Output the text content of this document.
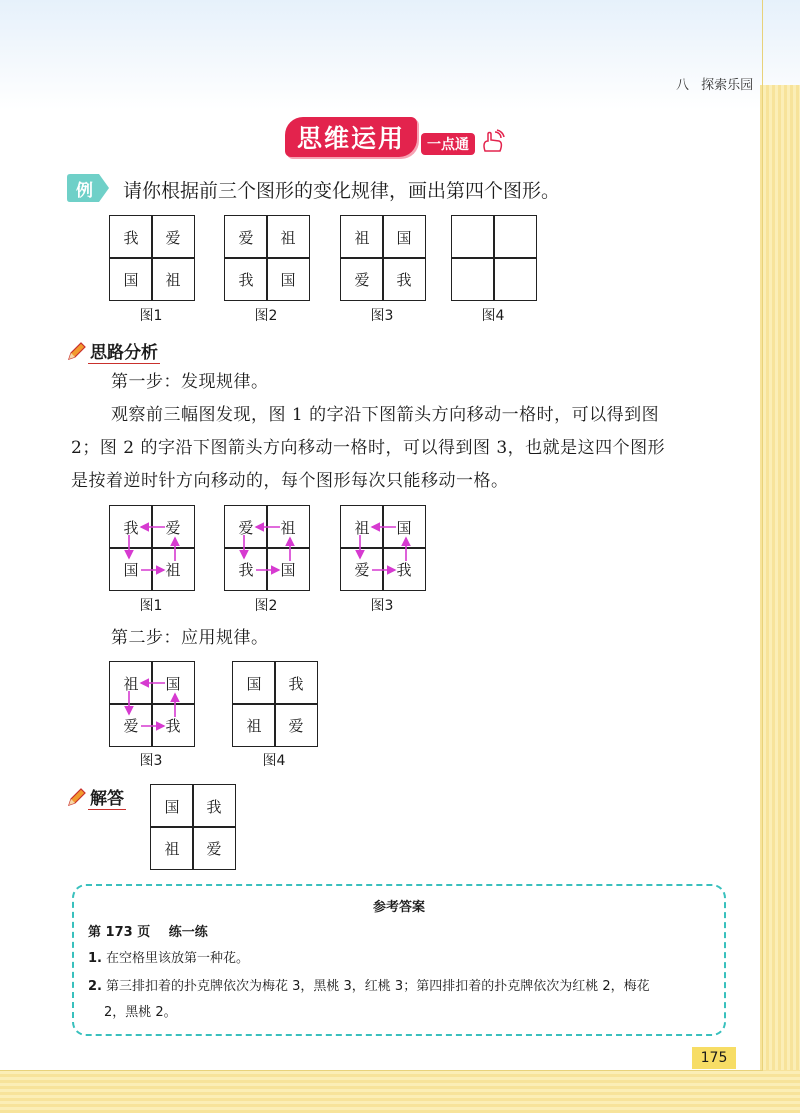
八 探索乐园
思维运用	一点通
例 请你根据前三个图形的变化规律，画出第四个图形。
我	爱
国	祖
图1
爱	祖
我	国
图2
祖	国
爱	我
图3	图4
思路分析
第一步：发现规律。
观察前三幅图发现，图 1 的字沿下图箭头方向移动一格时，可以得到图
2；图 2 的字沿下图箭头方向移动一格时，可以得到图 3，也就是这四个图形
是按着逆时针方向移动的，每个图形每次只能移动一格。
我	爱
国	祖
图1
爱	祖
我	国
图2
祖	国
爱	我
图3
第二步：应用规律。
祖	国
爱	我
图3
国	我
祖	爱
图4
解答	国	我
祖	爱
参考答案
第 173 页 练一练
1. 在空格里该放第一种花。
2. 第三排扣着的扑克牌依次为梅花 3，黑桃 3，红桃 3；第四排扣着的扑克牌依次为红桃 2，梅花
2，黑桃 2。
175
